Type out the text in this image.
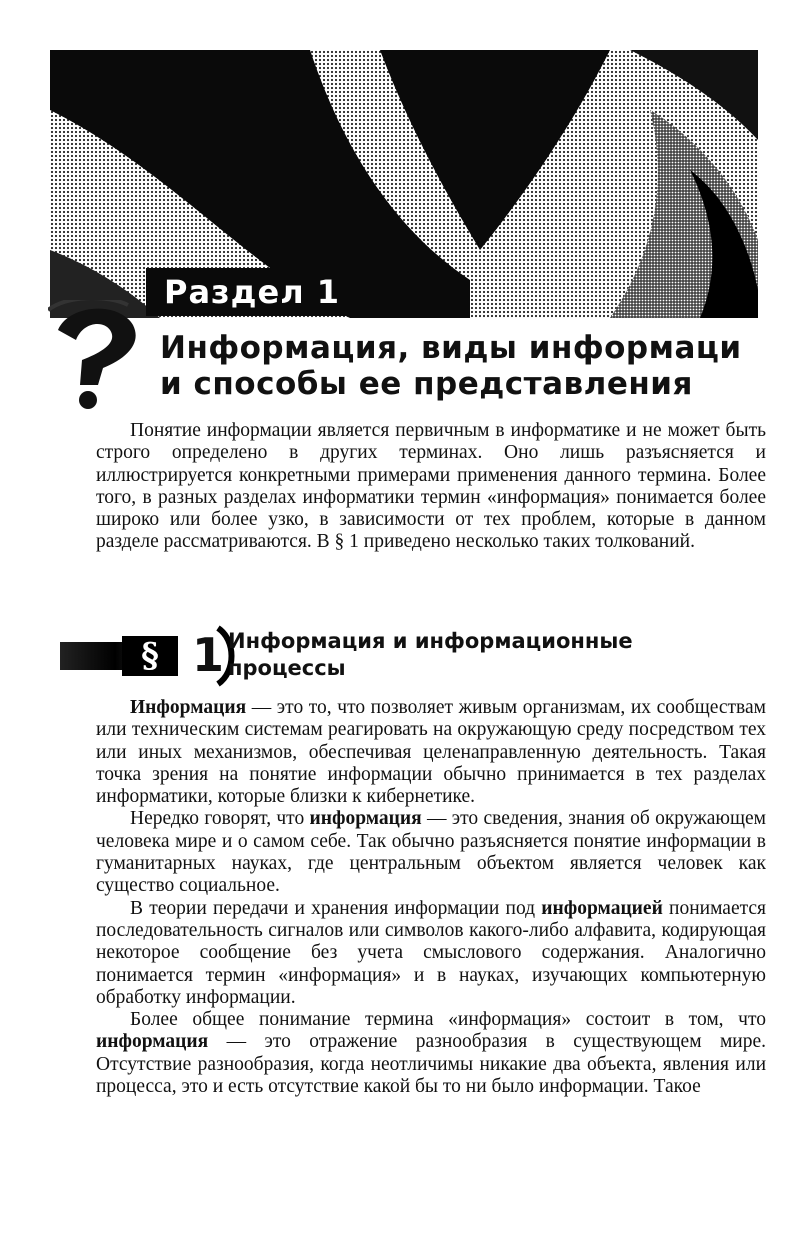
Раздел 1
Информация, виды информаци
и способы ее представления

Понятие информации является первичным в информатике и не может быть строго определено в других терминах. Оно лишь разъясняется и иллюстрируется конкретными примерами применения данного термина. Более того, в разных разделах информатики термин «информация» понимается более широко или более узко, в зависимости от тех проблем, которые в данном разделе рассматриваются. В § 1 приведено несколько таких толкований.

§ 1 Информация и информационные
процессы

Информация — это то, что позволяет живым организмам, их сообществам или техническим системам реагировать на окружающую среду посредством тех или иных механизмов, обеспечивая целенаправленную деятельность. Такая точка зрения на понятие информации обычно принимается в тех разделах информатики, которые близки к кибернетике.

Нередко говорят, что информация — это сведения, знания об окружающем человека мире и о самом себе. Так обычно разъясняется понятие информации в гуманитарных науках, где центральным объектом является человек как существо социальное.

В теории передачи и хранения информации под информацией понимается последовательность сигналов или символов какого-либо алфавита, кодирующая некоторое сообщение без учета смыслового содержания. Аналогично понимается термин «информация» и в науках, изучающих компьютерную обработку информации.

Более общее понимание термина «информация» состоит в том, что информация — это отражение разнообразия в существующем мире. Отсутствие разнообразия, когда неотличимы никакие два объекта, явления или процесса, это и есть отсутствие какой бы то ни было информации. Такое
